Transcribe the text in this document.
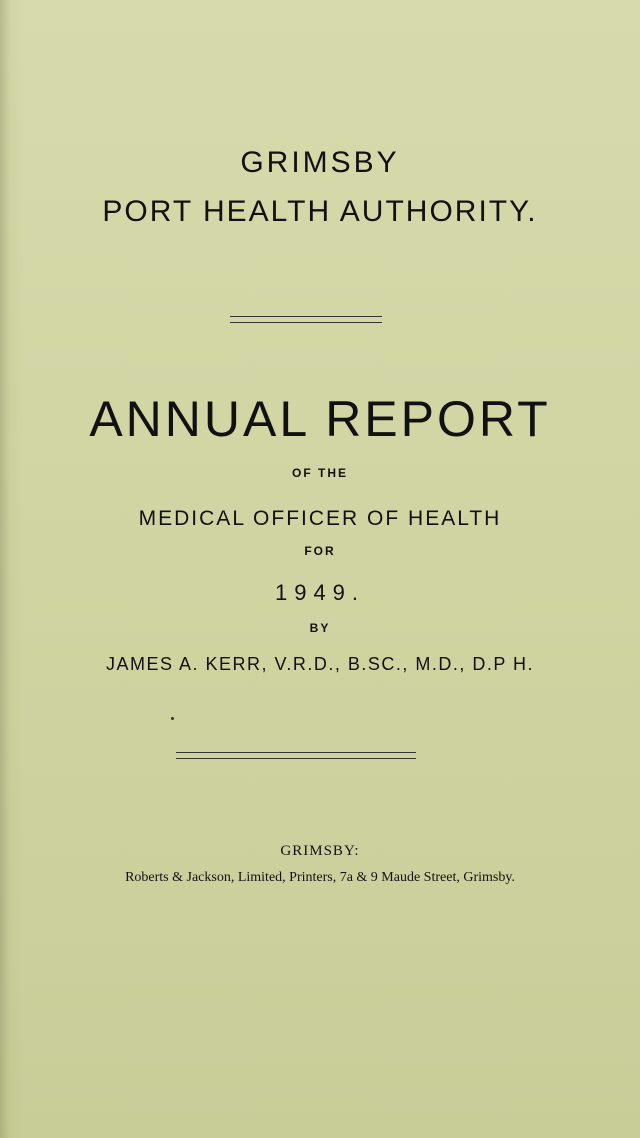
GRIMSBY
PORT HEALTH AUTHORITY.
ANNUAL REPORT
OF THE
MEDICAL OFFICER OF HEALTH
FOR
1949.
BY
JAMES A. KERR, V.R.D., B.SC., M.D., D.P H.
GRIMSBY:
Roberts & Jackson, Limited, Printers, 7a & 9 Maude Street, Grimsby.
